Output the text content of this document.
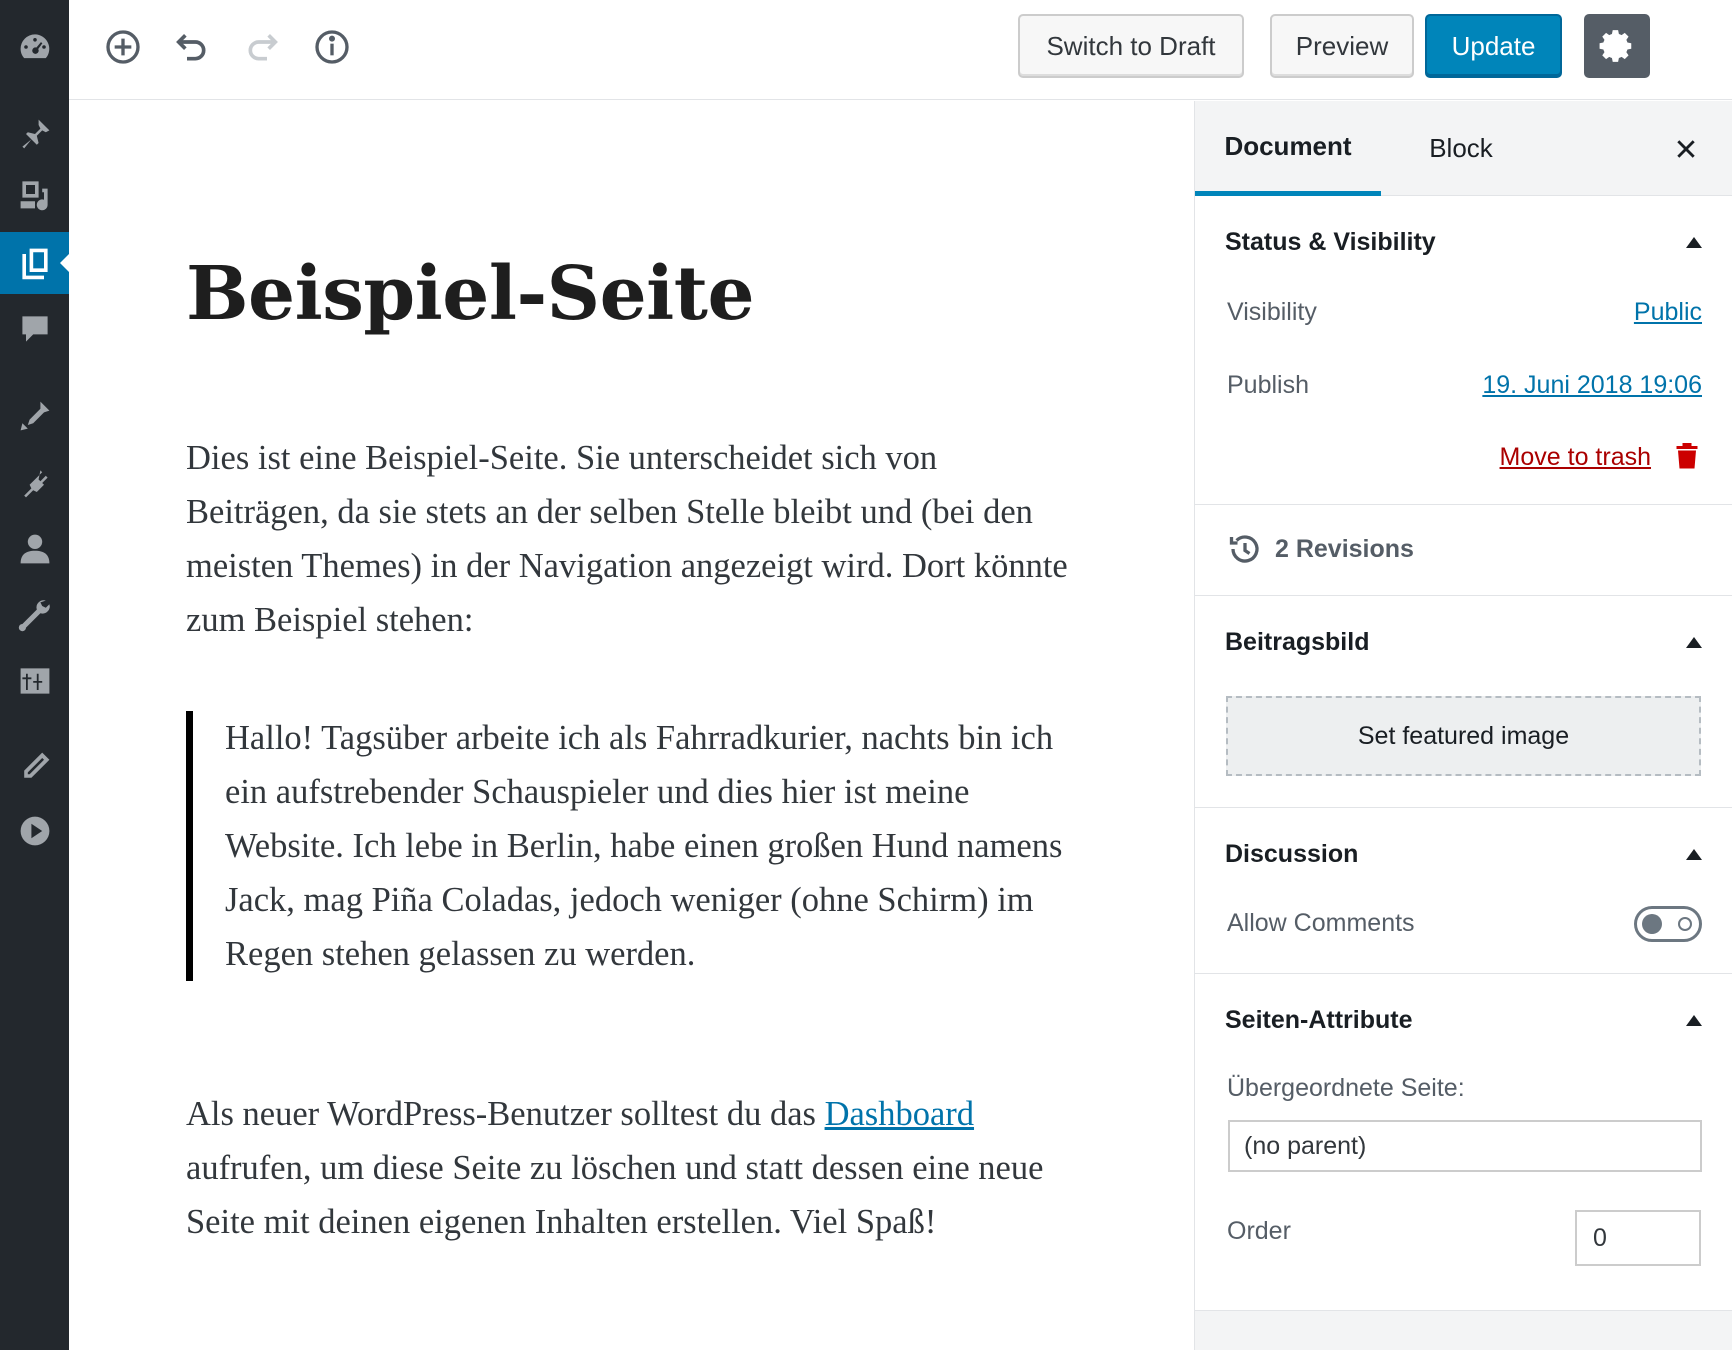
Switch to Draft	Preview	Update
Beispiel-Seite

Dies ist eine Beispiel-Seite. Sie unterscheidet sich von Beiträgen, da sie stets an der selben Stelle bleibt und (bei den meisten Themes) in der Navigation angezeigt wird. Dort könnte zum Beispiel stehen:

Hallo! Tagsüber arbeite ich als Fahrradkurier, nachts bin ich ein aufstrebender Schauspieler und dies hier ist meine Website. Ich lebe in Berlin, habe einen großen Hund namens Jack, mag Piña Coladas, jedoch weniger (ohne Schirm) im Regen stehen gelassen zu werden.

Als neuer WordPress-Benutzer solltest du das Dashboard aufrufen, um diese Seite zu löschen und statt dessen eine neue Seite mit deinen eigenen Inhalten erstellen. Viel Spaß!

Document	Block
Status & Visibility
Visibility	Public
Publish	19. Juni 2018 19:06
Move to trash
2 Revisions
Beitragsbild
Set featured image
Discussion
Allow Comments
Seiten-Attribute
Übergeordnete Seite:
(no parent)
Order	0
